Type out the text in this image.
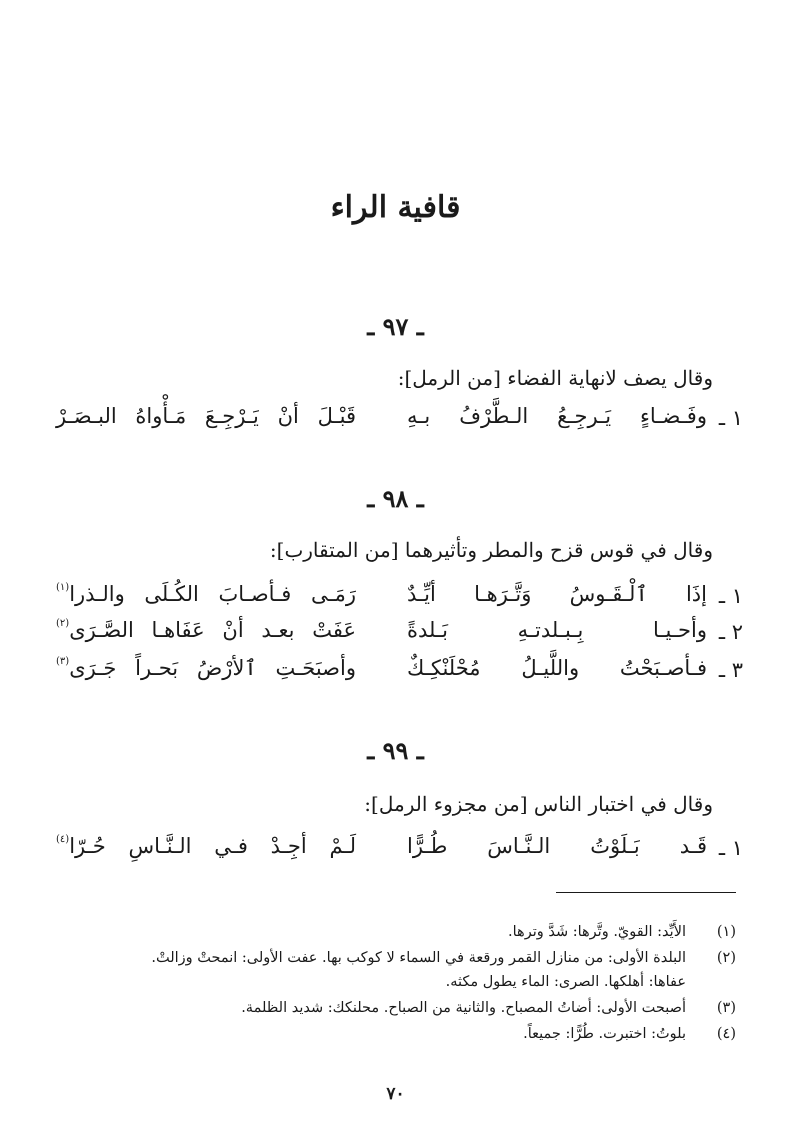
قافية الراء
ـ ٩٧ ـ
وقال يصف لانهاية الفضاء [من الرمل]:
١ ـ
وفَـضـاءٍ يَـرجِـعُ الـطَّرْفُ بـهِ
قَبْـلَ أنْ يَـرْجِـعَ مَـأْواهُ البـصَـرْ
ـ ٩٨ ـ
وقال في قوس قزح والمطر وتأثيرهما [من المتقارب]:
١ ـ
إذَا ٱلْـقَـوسُ وَتَّـرَهـا أيِّـدٌ
رَمَـى فـأصـابَ الكُـلَى والـذرا$^{(١)}$
٢ ـ
وأحـيـا بِـبـلدتـهِ بَـلدةً
عَفَتْ بعـد أنْ عَفَاهـا الصَّـرَى$^{(٢)}$
٣ ـ
فـأصـبَحْتُ واللَّيـلُ مُحْلَنْكِـكٌ
وأصبَحَـتِ ٱلأرْضُ بَحـراً جَـرَى$^{(٣)}$
ـ ٩٩ ـ
وقال في اختبار الناس [من مجزوء الرمل]:
١ ـ
قَـد بَـلَوْتُ الـنَّـاسَ طُـرًّا
لَـمْ أجِـدْ فـي الـنَّـاسِ حُـرّا$^{(٤)}$
(١)
الأَيِّد: القويّ. وتَّرها: شَدَّ وترها.
(٢)
البلدة الأولى: من منازل القمر ورقعة في السماء لا كوكب بها. عفت الأولى: انمحتْ وزالتْ.
عفاها: أهلكها. الصرى: الماء يطول مكثه.
(٣)
أصبحت الأولى: أضاتُ المصباح. والثانية من الصباح. محلنكك: شديد الظلمة.
(٤)
بلوتُ: اختبرت. طُرًّا: جميعاً.
٧٠
